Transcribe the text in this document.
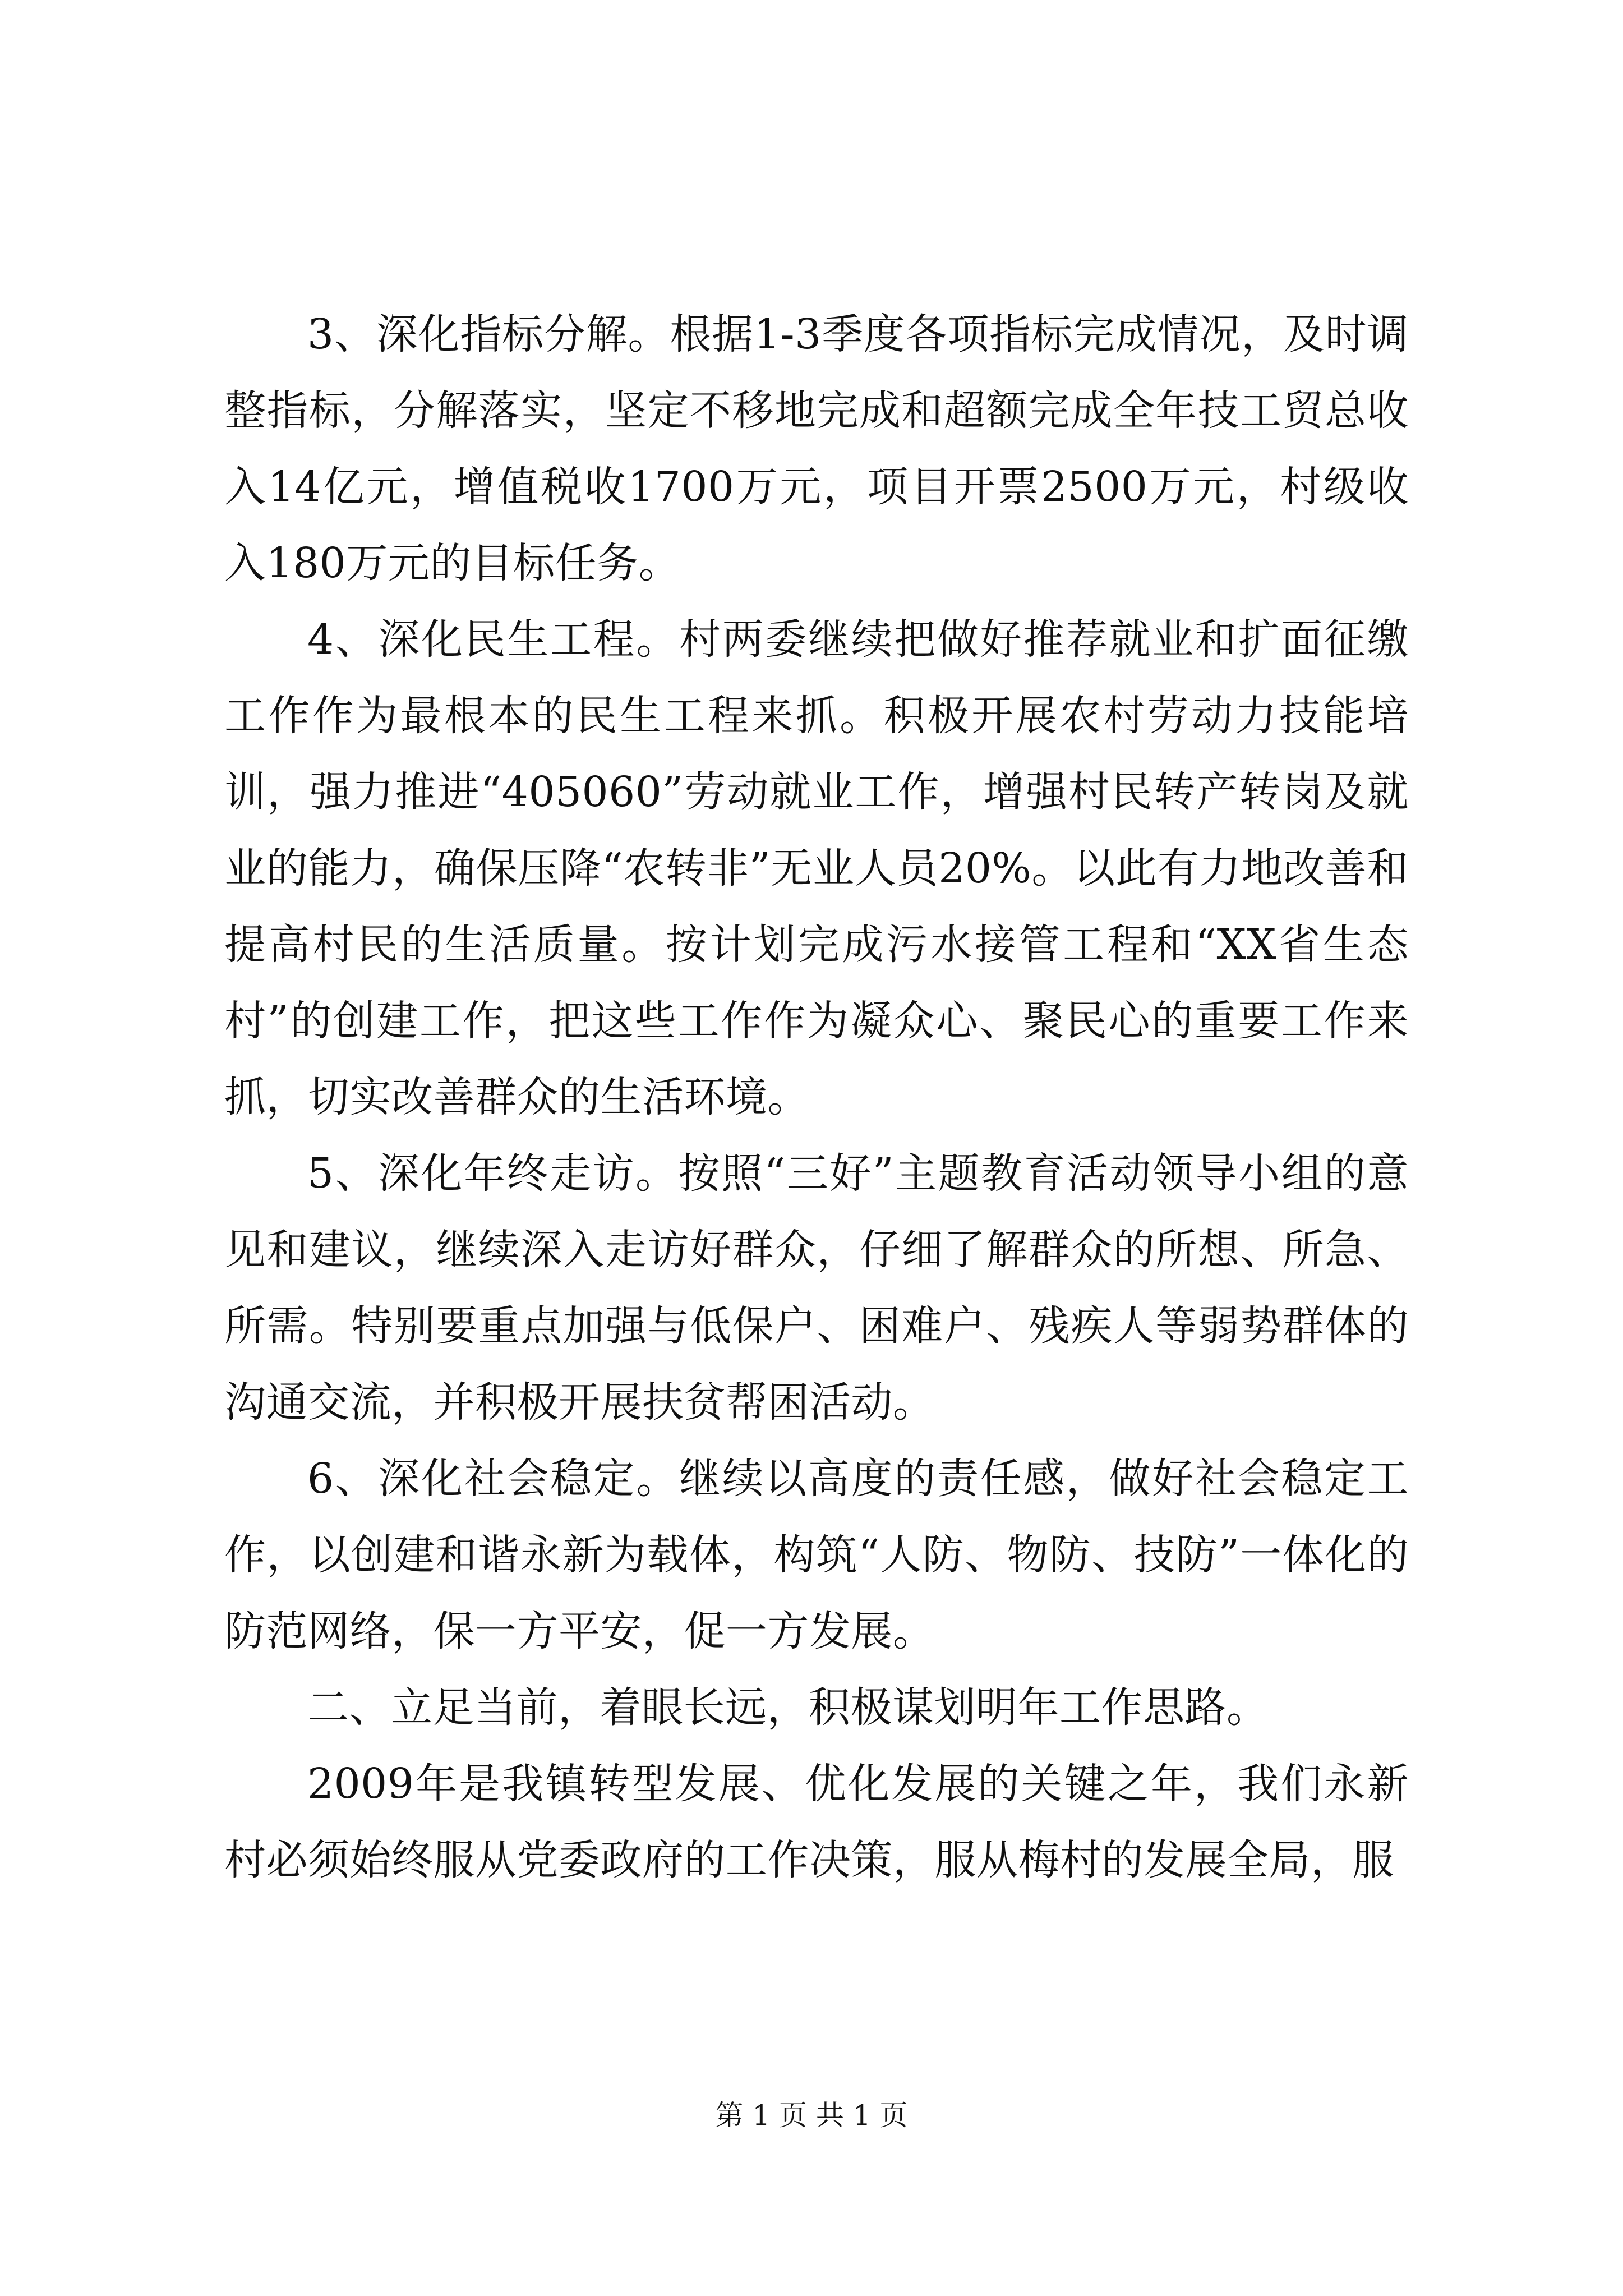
3、深化指标分解。根据1-3季度各项指标完成情况，及时调整指标，分解落实，坚定不移地完成和超额完成全年技工贸总收入14亿元，增值税收1700万元，项目开票2500万元，村级收入180万元的目标任务。

4、深化民生工程。村两委继续把做好推荐就业和扩面征缴工作作为最根本的民生工程来抓。积极开展农村劳动力技能培训，强力推进“405060”劳动就业工作，增强村民转产转岗及就业的能力，确保压降“农转非”无业人员20%。以此有力地改善和提高村民的生活质量。按计划完成污水接管工程和“XX省生态村”的创建工作，把这些工作作为凝众心、聚民心的重要工作来抓，切实改善群众的生活环境。

5、深化年终走访。按照“三好”主题教育活动领导小组的意见和建议，继续深入走访好群众，仔细了解群众的所想、所急、所需。特别要重点加强与低保户、困难户、残疾人等弱势群体的沟通交流，并积极开展扶贫帮困活动。

6、深化社会稳定。继续以高度的责任感，做好社会稳定工作，以创建和谐永新为载体，构筑“人防、物防、技防”一体化的防范网络，保一方平安，促一方发展。

二、立足当前，着眼长远，积极谋划明年工作思路。

2009年是我镇转型发展、优化发展的关键之年，我们永新村必须始终服从党委政府的工作决策，服从梅村的发展全局，服

第 1 页 共 1 页
